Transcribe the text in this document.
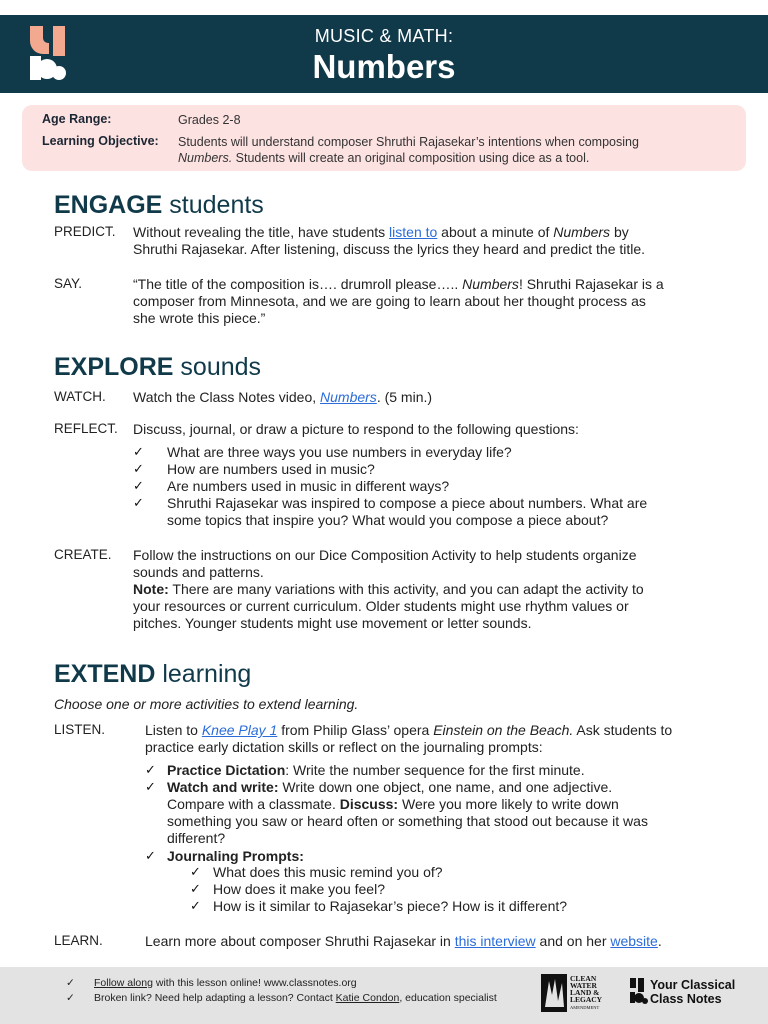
MUSIC & MATH:
Numbers
Age Range:	Grades 2-8
Learning Objective: Students will understand composer Shruthi Rajasekar’s intentions when composing
Numbers. Students will create an original composition using dice as a tool.
ENGAGE students
PREDICT. Without revealing the title, have students listen to about a minute of Numbers by
Shruthi Rajasekar. After listening, discuss the lyrics they heard and predict the title.
SAY.	“The title of the composition is…. drumroll please….. Numbers! Shruthi Rajasekar is a
composer from Minnesota, and we are going to learn about her thought process as
she wrote this piece.”
EXPLORE sounds
WATCH. Watch the Class Notes video, Numbers. (5 min.)
REFLECT. Discuss, journal, or draw a picture to respond to the following questions:
✓ What are three ways you use numbers in everyday life?
✓ How are numbers used in music?
✓ Are numbers used in music in different ways?
✓ Shruthi Rajasekar was inspired to compose a piece about numbers. What are
some topics that inspire you? What would you compose a piece about?
CREATE. Follow the instructions on our Dice Composition Activity to help students organize
sounds and patterns.
Note: There are many variations with this activity, and you can adapt the activity to
your resources or current curriculum. Older students might use rhythm values or
pitches. Younger students might use movement or letter sounds.
EXTEND learning
Choose one or more activities to extend learning.
LISTEN.	Listen to Knee Play 1 from Philip Glass’ opera Einstein on the Beach. Ask students to
practice early dictation skills or reflect on the journaling prompts:
✓ Practice Dictation: Write the number sequence for the first minute.
✓ Watch and write: Write down one object, one name, and one adjective.
Compare with a classmate. Discuss: Were you more likely to write down
something you saw or heard often or something that stood out because it was
different?
✓ Journaling Prompts:
✓ What does this music remind you of?
✓ How does it make you feel?
✓ How is it similar to Rajasekar’s piece? How is it different?
LEARN.	Learn more about composer Shruthi Rajasekar in this interview and on her website.
✓ Follow along with this lesson online! www.classnotes.org
✓ Broken link? Need help adapting a lesson? Contact Katie Condon, education specialist
CLEAN
WATER
LAND &
LEGACY
AMENDMENT
Your Classical
Class Notes
